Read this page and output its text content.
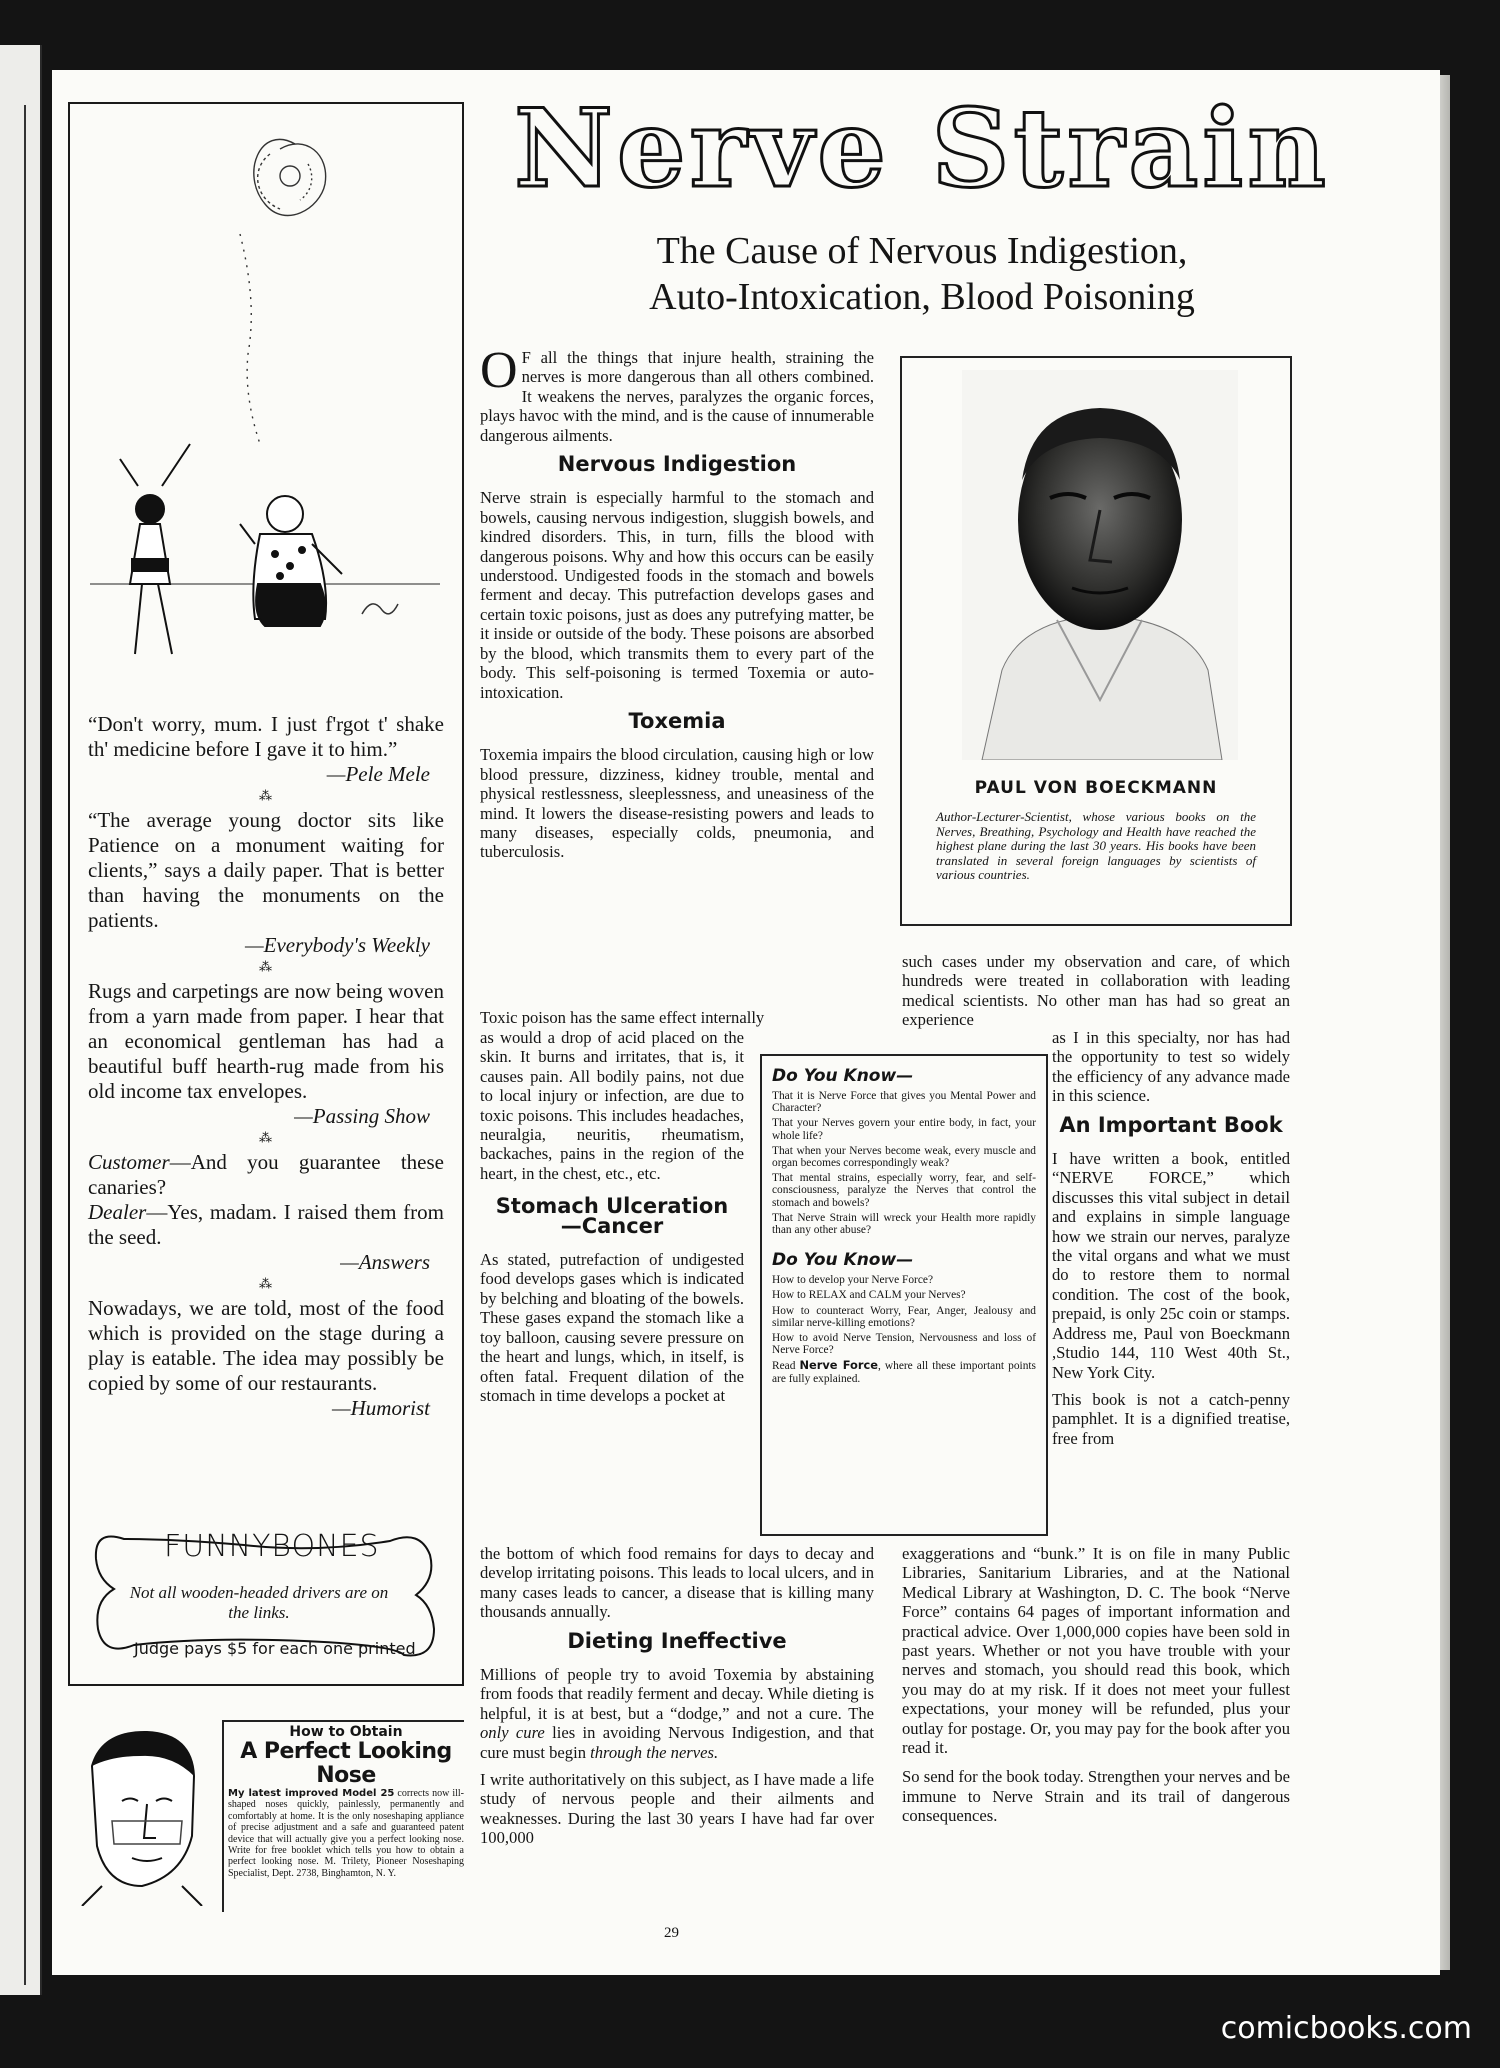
“Don't worry, mum. I just f'rgot t' shake th' medicine before I gave it to him.”

—Pele Mele

⁂

“The average young doctor sits like Patience on a monument waiting for clients,” says a daily paper. That is better than having the monuments on the patients.

—Everybody's Weekly

⁂

Rugs and carpetings are now being woven from a yarn made from paper. I hear that an economical gentleman has had a beautiful buff hearth-rug made from his old income tax envelopes.

—Passing Show

⁂

Customer—And you guarantee these canaries?

Dealer—Yes, madam. I raised them from the seed.

—Answers

⁂

Nowadays, we are told, most of the food which is provided on the stage during a play is eatable. The idea may possibly be copied by some of our restaurants.

—Humorist

FUNNYBONES
Not all wooden-headed drivers are on the links.
Judge pays $5 for each one printed
How to Obtain
A Perfect Looking Nose

My latest improved Model 25 corrects now ill-shaped noses quickly, painlessly, permanently and comfortably at home. It is the only noseshaping appliance of precise adjustment and a safe and guaranteed patent device that will actually give you a perfect looking nose. Write for free booklet which tells you how to obtain a perfect looking nose. M. Trilety, Pioneer Noseshaping Specialist, Dept. 2738, Binghamton, N. Y.

Nerve Strain
The Cause of Nervous Indigestion,
Auto-Intoxication, Blood Poisoning

O F all the things that injure health, straining the nerves is more dangerous than all others combined. It weakens the nerves, paralyzes the organic forces, plays havoc with the mind, and is the cause of innumerable dangerous ailments.

Nervous Indigestion

Nerve strain is especially harmful to the stomach and bowels, causing nervous indigestion, sluggish bowels, and kindred disorders. This, in turn, fills the blood with dangerous poisons. Why and how this occurs can be easily understood. Undigested foods in the stomach and bowels ferment and decay. This putrefaction develops gases and certain toxic poisons, just as does any putrefying matter, be it inside or outside of the body. These poisons are absorbed by the blood, which transmits them to every part of the body. This self-poisoning is termed Toxemia or auto-intoxication.

Toxemia

Toxemia impairs the blood circulation, causing high or low blood pressure, dizziness, kidney trouble, mental and physical restlessness, sleeplessness, and uneasiness of the mind. It lowers the disease-resisting powers and leads to many diseases, especially colds, pneumonia, and tuberculosis.

Toxic poison has the same effect internally

as would a drop of acid placed on the skin. It burns and irritates, that is, it causes pain. All bodily pains, not due to local injury or infection, are due to toxic poisons. This includes headaches, neuralgia, neuritis, rheumatism, backaches, pains in the region of the heart, in the chest, etc., etc.

Stomach Ulceration
—Cancer

As stated, putrefaction of undigested food develops gases which is indicated by belching and bloating of the bowels. These gases expand the stomach like a toy balloon, causing severe pressure on the heart and lungs, which, in itself, is often fatal. Frequent dilation of the stomach in time develops a pocket at

the bottom of which food remains for days to decay and develop irritating poisons. This leads to local ulcers, and in many cases leads to cancer, a disease that is killing many thousands annually.

Dieting Ineffective

Millions of people try to avoid Toxemia by abstaining from foods that readily ferment and decay. While dieting is helpful, it is at best, but a “dodge,” and not a cure. The only cure lies in avoiding Nervous Indigestion, and that cure must begin through the nerves.

I write authoritatively on this subject, as I have made a life study of nervous people and their ailments and weaknesses. During the last 30 years I have had far over 100,000

PAUL VON BOECKMANN

Author-Lecturer-Scientist, whose various books on the Nerves, Breathing, Psychology and Health have reached the highest plane during the last 30 years. His books have been translated in several foreign languages by scientists of various countries.

Do You Know—

That it is Nerve Force that gives you Mental Power and Character?

That your Nerves govern your entire body, in fact, your whole life?

That when your Nerves become weak, every muscle and organ becomes correspondingly weak?

That mental strains, especially worry, fear, and self-consciousness, paralyze the Nerves that control the stomach and bowels?

That Nerve Strain will wreck your Health more rapidly than any other abuse?

Do You Know—

How to develop your Nerve Force?

How to RELAX and CALM your Nerves?

How to counteract Worry, Fear, Anger, Jealousy and similar nerve-killing emotions?

How to avoid Nerve Tension, Nervousness and loss of Nerve Force?

Read Nerve Force, where all these important points are fully explained.

such cases under my observation and care, of which hundreds were treated in collaboration with leading medical scientists. No other man has had so great an experience

as I in this specialty, nor has had the opportunity to test so widely the efficiency of any advance made in this science.

An Important Book

I have written a book, entitled “NERVE FORCE,” which discusses this vital subject in detail and explains in simple language how we strain our nerves, paralyze the vital organs and what we must do to restore them to normal condition. The cost of the book, prepaid, is only 25c coin or stamps. Address me, Paul von Boeckmann ,Studio 144, 110 West 40th St., New York City.

This book is not a catch-penny pamphlet. It is a dignified treatise, free from

exaggerations and “bunk.” It is on file in many Public Libraries, Sanitarium Libraries, and at the National Medical Library at Washington, D. C. The book “Nerve Force” contains 64 pages of important information and practical advice. Over 1,000,000 copies have been sold in past years. Whether or not you have trouble with your nerves and stomach, you should read this book, which you may do at my risk. If it does not meet your fullest expectations, your money will be refunded, plus your outlay for postage. Or, you may pay for the book after you read it.

So send for the book today. Strengthen your nerves and be immune to Nerve Strain and its trail of dangerous consequences.

29
comicbooks.com
